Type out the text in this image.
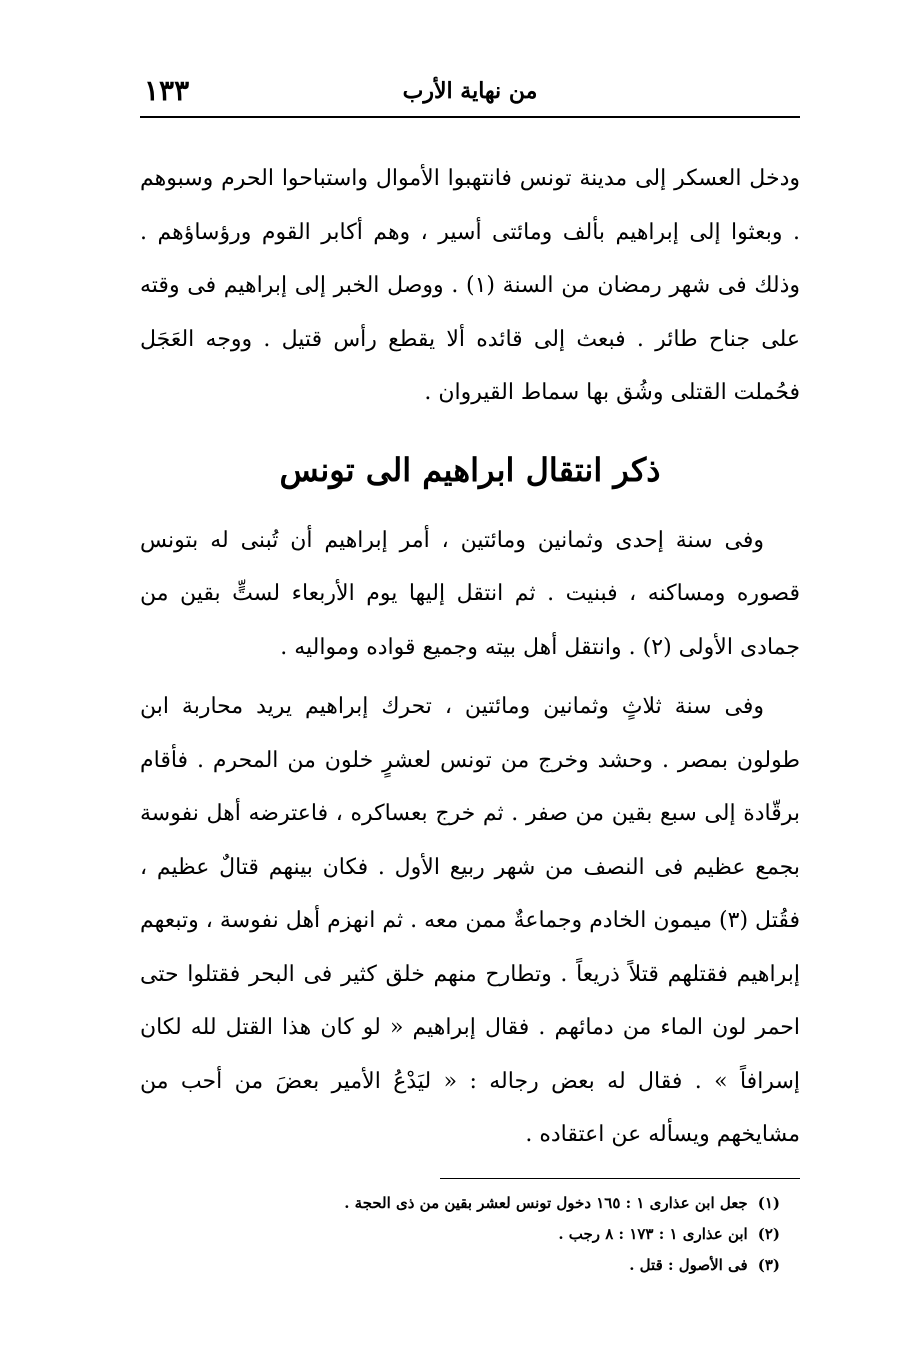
من نهاية الأرب
١٣٣

ودخل العسكر إلى مدينة تونس فانتهبوا الأموال واستباحوا الحرم وسبوهم . وبعثوا إلى إبراهيم بألف ومائتى أسير ، وهم أكابر القوم ورؤساؤهم . وذلك فى شهر رمضان من السنة (١) . ووصل الخبر إلى إبراهيم فى وقته على جناح طائر . فبعث إلى قائده ألا يقطع رأس قتيل . ووجه العَجَل فحُملت القتلى وشُق بها سماط القيروان .

ذكر انتقال ابراهيم الى تونس

وفى سنة إحدى وثمانين ومائتين ، أمر إبراهيم أن تُبنى له بتونس قصوره ومساكنه ، فبنيت . ثم انتقل إليها يوم الأربعاء لستٍّ بقين من جمادى الأولى (٢) . وانتقل أهل بيته وجميع قواده ومواليه .

وفى سنة ثلاثٍ وثمانين ومائتين ، تحرك إبراهيم يريد محاربة ابن طولون بمصر . وحشد وخرج من تونس لعشرٍ خلون من المحرم . فأقام برقّادة إلى سبع بقين من صفر . ثم خرج بعساكره ، فاعترضه أهل نفوسة بجمع عظيم فى النصف من شهر ربيع الأول . فكان بينهم قتالٌ عظيم ، فقُتل (٣) ميمون الخادم وجماعةٌ ممن معه . ثم انهزم أهل نفوسة ، وتبعهم إبراهيم فقتلهم قتلاً ذريعاً . وتطارح منهم خلق كثير فى البحر فقتلوا حتى احمر لون الماء من دمائهم . فقال إبراهيم « لو كان هذا القتل لله لكان إسرافاً » . فقال له بعض رجاله : « ليَدْعُ الأمير بعضَ من أحب من مشايخهم ويسأله عن اعتقاده .

(١)جعل ابن عذارى ١ : ١٦٥ دخول تونس لعشر بقين من ذى الحجة .
(٢)ابن عذارى ١ : ١٧٣ : ٨ رجب .
(٣)فى الأصول : قتل .
